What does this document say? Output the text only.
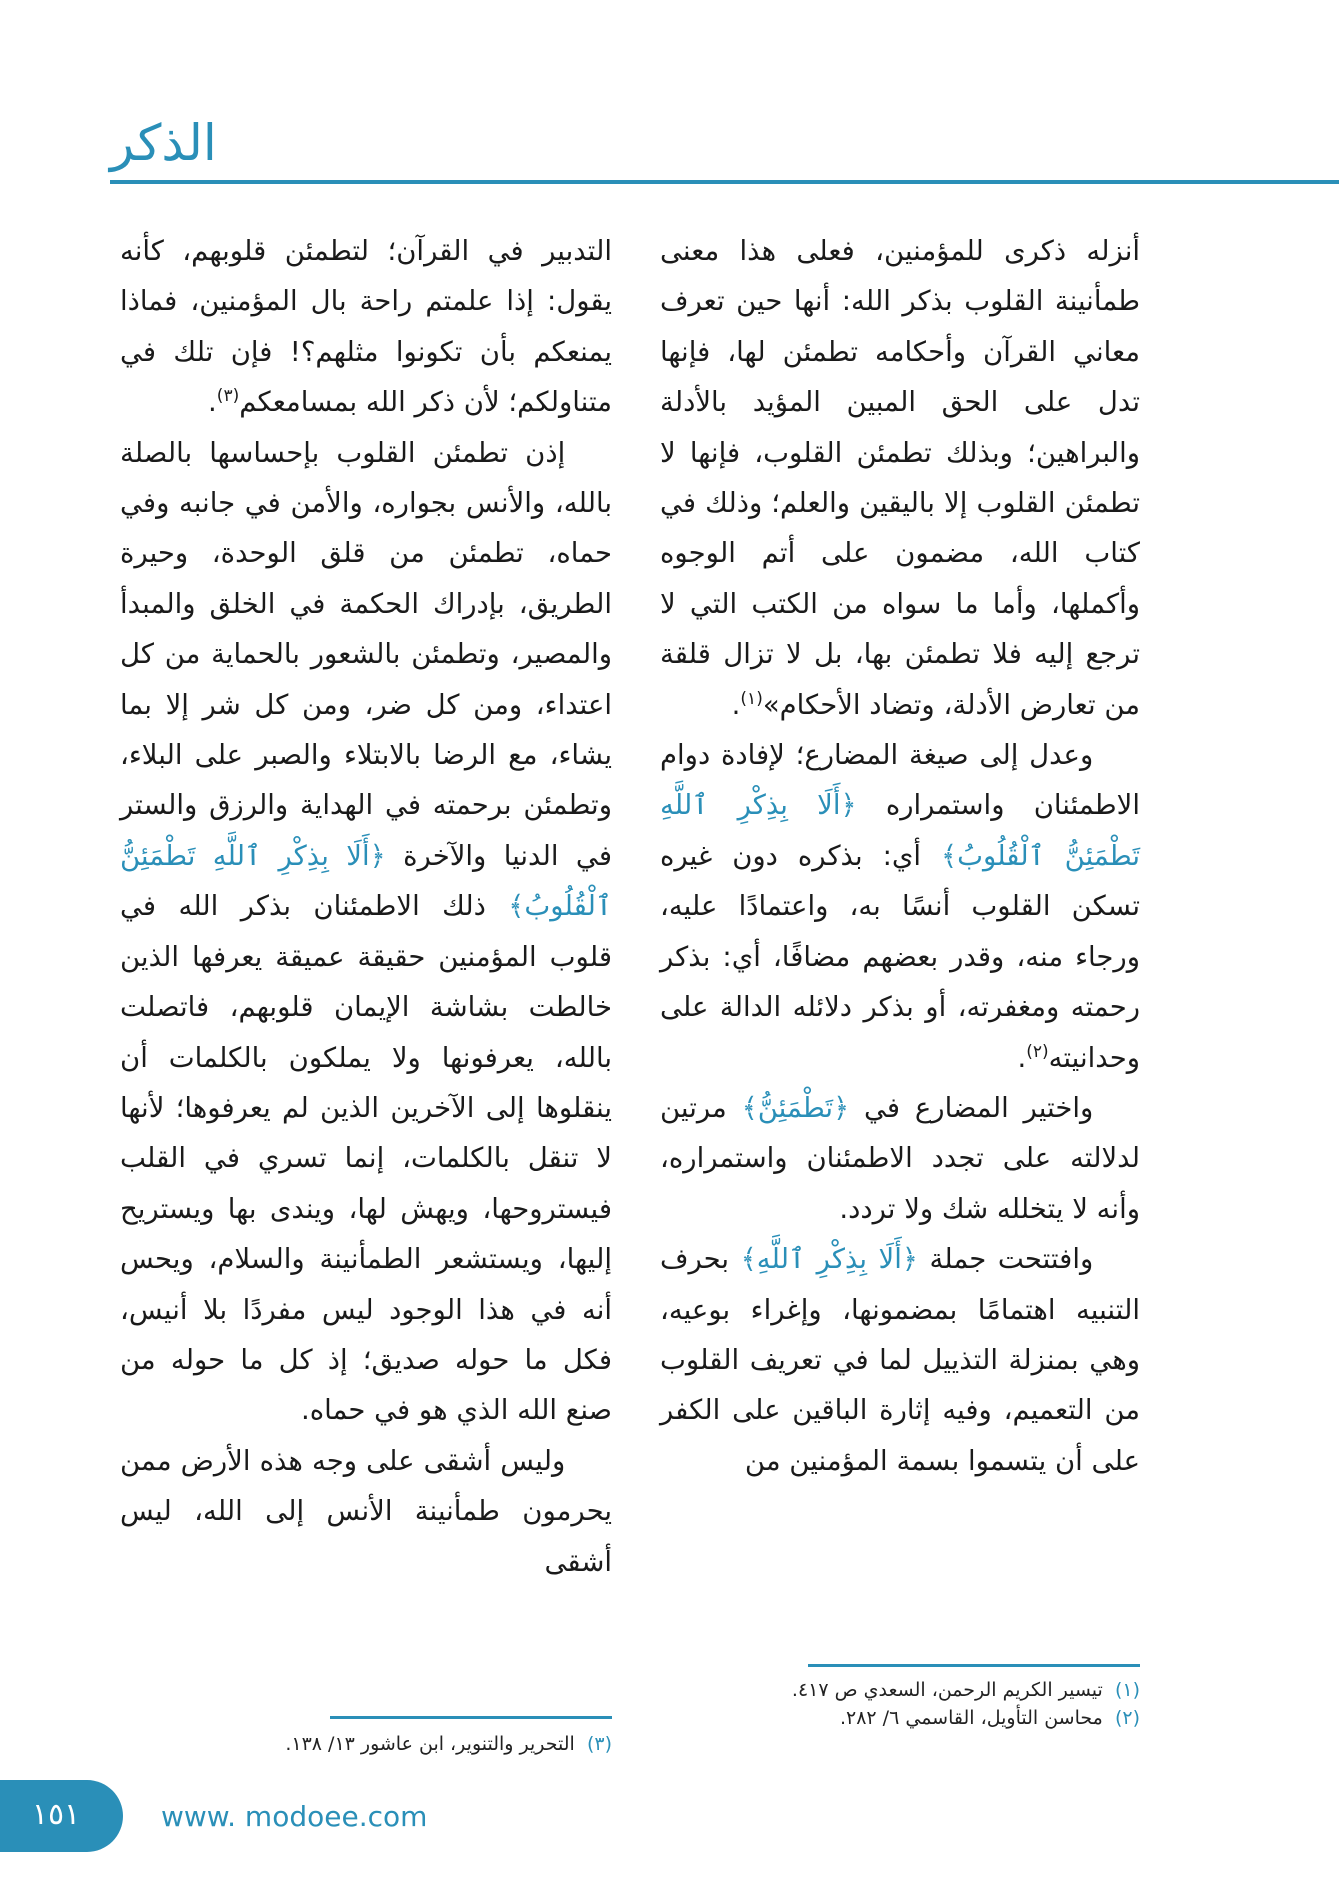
الذكر

أنزله ذكرى للمؤمنين، فعلى هذا معنى طمأنينة القلوب بذكر الله: أنها حين تعرف معاني القرآن وأحكامه تطمئن لها، فإنها تدل على الحق المبين المؤيد بالأدلة والبراهين؛ وبذلك تطمئن القلوب، فإنها لا تطمئن القلوب إلا باليقين والعلم؛ وذلك في كتاب الله، مضمون على أتم الوجوه وأكملها، وأما ما سواه من الكتب التي لا ترجع إليه فلا تطمئن بها، بل لا تزال قلقة من تعارض الأدلة، وتضاد الأحكام»$^{(١)}$.

وعدل إلى صيغة المضارع؛ لإفادة دوام الاطمئنان واستمراره ﴿أَلَا بِذِكْرِ ٱللَّهِ تَطْمَئِنُّ ٱلْقُلُوبُ﴾ أي: بذكره دون غيره تسكن القلوب أنسًا به، واعتمادًا عليه، ورجاء منه، وقدر بعضهم مضافًا، أي: بذكر رحمته ومغفرته، أو بذكر دلائله الدالة على وحدانيته$^{(٢)}$.

واختير المضارع في ﴿تَطْمَئِنُّ﴾ مرتين لدلالته على تجدد الاطمئنان واستمراره، وأنه لا يتخلله شك ولا تردد.

وافتتحت جملة ﴿أَلَا بِذِكْرِ ٱللَّهِ﴾ بحرف التنبيه اهتمامًا بمضمونها، وإغراء بوعيه، وهي بمنزلة التذييل لما في تعريف القلوب من التعميم، وفيه إثارة الباقين على الكفر على أن يتسموا بسمة المؤمنين من

التدبير في القرآن؛ لتطمئن قلوبهم، كأنه يقول: إذا علمتم راحة بال المؤمنين، فماذا يمنعكم بأن تكونوا مثلهم؟! فإن تلك في متناولكم؛ لأن ذكر الله بمسامعكم$^{(٣)}$.

إذن تطمئن القلوب بإحساسها بالصلة بالله، والأنس بجواره، والأمن في جانبه وفي حماه، تطمئن من قلق الوحدة، وحيرة الطريق، بإدراك الحكمة في الخلق والمبدأ والمصير، وتطمئن بالشعور بالحماية من كل اعتداء، ومن كل ضر، ومن كل شر إلا بما يشاء، مع الرضا بالابتلاء والصبر على البلاء، وتطمئن برحمته في الهداية والرزق والستر في الدنيا والآخرة ﴿أَلَا بِذِكْرِ ٱللَّهِ تَطْمَئِنُّ ٱلْقُلُوبُ﴾ ذلك الاطمئنان بذكر الله في قلوب المؤمنين حقيقة عميقة يعرفها الذين خالطت بشاشة الإيمان قلوبهم، فاتصلت بالله، يعرفونها ولا يملكون بالكلمات أن ينقلوها إلى الآخرين الذين لم يعرفوها؛ لأنها لا تنقل بالكلمات، إنما تسري في القلب فيستروحها، ويهش لها، ويندى بها ويستريح إليها، ويستشعر الطمأنينة والسلام، ويحس أنه في هذا الوجود ليس مفردًا بلا أنيس، فكل ما حوله صديق؛ إذ كل ما حوله من صنع الله الذي هو في حماه.

وليس أشقى على وجه هذه الأرض ممن يحرمون طمأنينة الأنس إلى الله، ليس أشقى

(١)  تيسير الكريم الرحمن، السعدي ص ٤١٧.
(٢)  محاسن التأويل، القاسمي ٦/ ٢٨٢.
(٣)  التحرير والتنوير، ابن عاشور ١٣/ ١٣٨.
١٥١	www. modoee.com
